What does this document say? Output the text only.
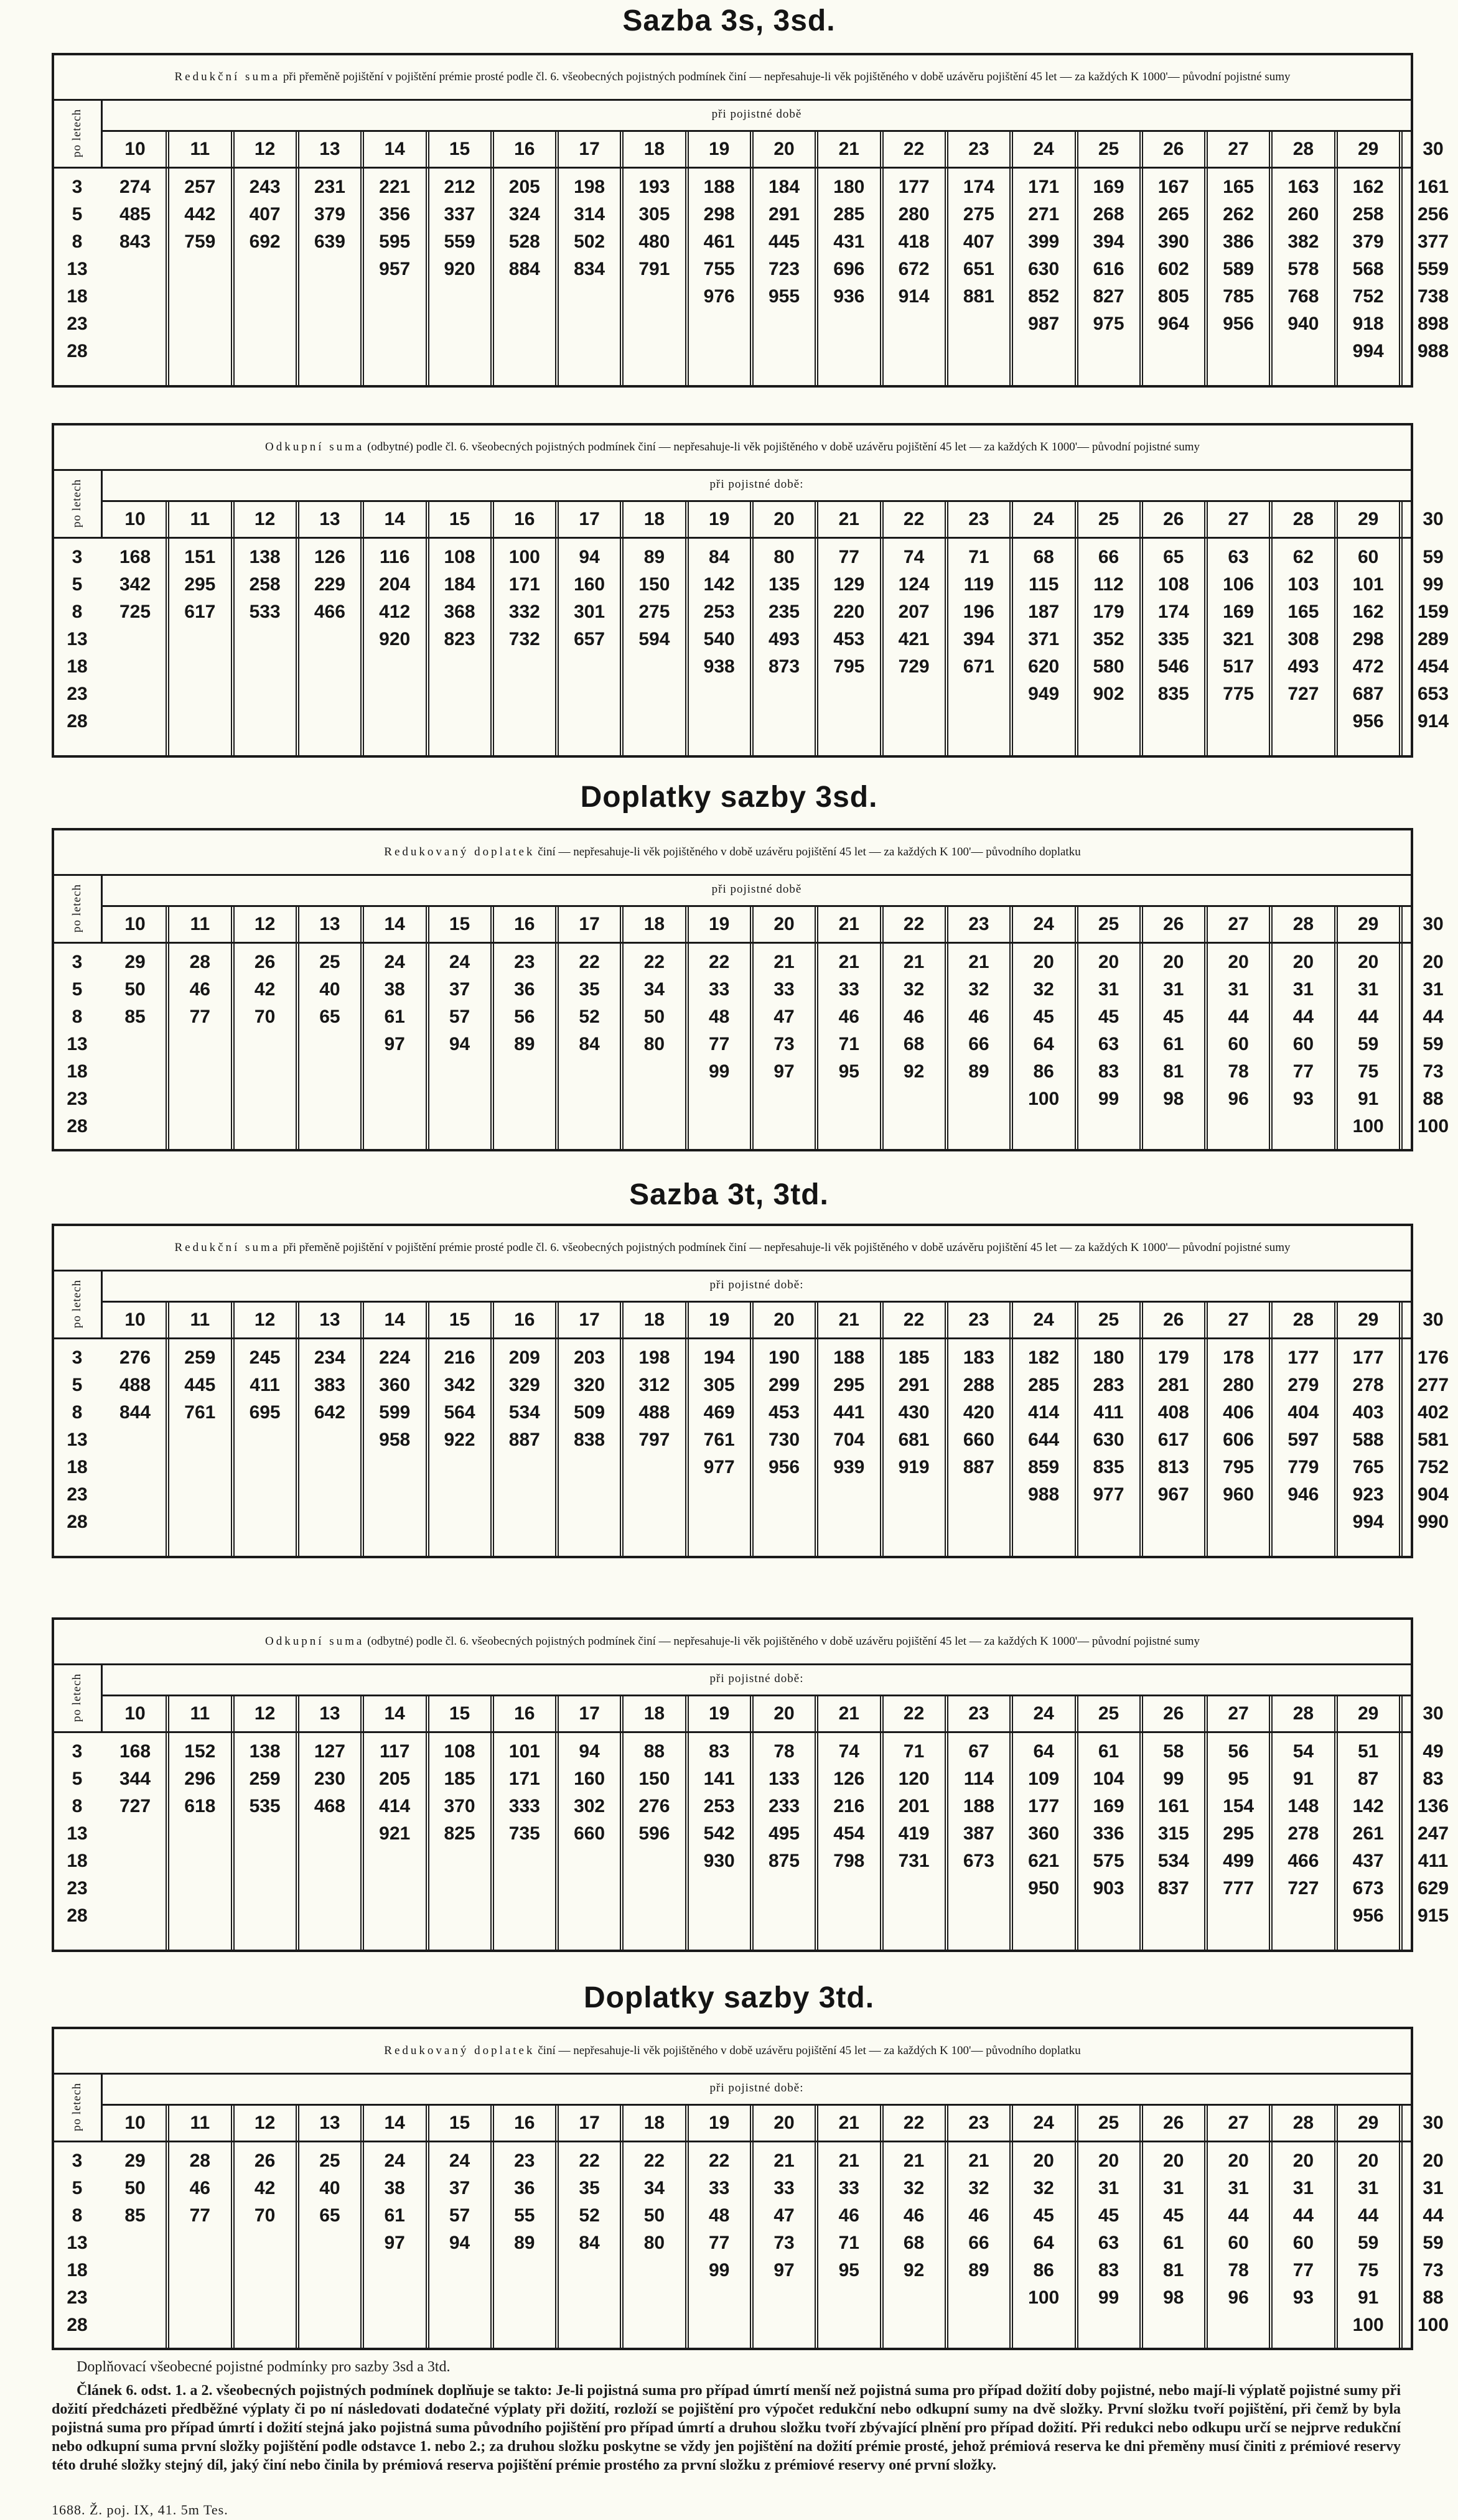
Sazba 3s, 3sd.
Doplatky sazby 3sd.
Sazba 3t, 3td.
Doplatky sazby 3td.
Redukční suma při přeměně pojištění v pojištění prémie prosté podle čl. 6. všeobecných pojistných podmínek činí — nepřesahuje-li věk pojištěného v době uzávěru pojištění 45 let — za každých K 1000'— původní pojistné sumy
po letech	při pojistné době
10	11	12	13	14	15	16	17	18	19	20	21	22	23	24	25	26	27	28	29	30
3	274	257	243	231	221	212	205	198	193	188	184	180	177	174	171	169	167	165	163	162	161
5	485	442	407	379	356	337	324	314	305	298	291	285	280	275	271	268	265	262	260	258	256
8	843	759	692	639	595	559	528	502	480	461	445	431	418	407	399	394	390	386	382	379	377
13	957	920	884	834	791	755	723	696	672	651	630	616	602	589	578	568	559
18	976	955	936	914	881	852	827	805	785	768	752	738
23	987	975	964	956	940	918	898
28	994	988
Odkupní suma (odbytné) podle čl. 6. všeobecných pojistných podmínek činí — nepřesahuje-li věk pojištěného v době uzávěru pojištění 45 let — za každých K 1000'— původní pojistné sumy
po letech	při pojistné době:
10	11	12	13	14	15	16	17	18	19	20	21	22	23	24	25	26	27	28	29	30
3	168	151	138	126	116	108	100	94	89	84	80	77	74	71	68	66	65	63	62	60	59
5	342	295	258	229	204	184	171	160	150	142	135	129	124	119	115	112	108	106	103	101	99
8	725	617	533	466	412	368	332	301	275	253	235	220	207	196	187	179	174	169	165	162	159
13	920	823	732	657	594	540	493	453	421	394	371	352	335	321	308	298	289
18	938	873	795	729	671	620	580	546	517	493	472	454
23	949	902	835	775	727	687	653
28	956	914
Redukovaný doplatek činí — nepřesahuje-li věk pojištěného v době uzávěru pojištění 45 let — za každých K 100'— původního doplatku
po letech	při pojistné době
10	11	12	13	14	15	16	17	18	19	20	21	22	23	24	25	26	27	28	29	30
3	29	28	26	25	24	24	23	22	22	22	21	21	21	21	20	20	20	20	20	20	20
5	50	46	42	40	38	37	36	35	34	33	33	33	32	32	32	31	31	31	31	31	31
8	85	77	70	65	61	57	56	52	50	48	47	46	46	46	45	45	45	44	44	44	44
13	97	94	89	84	80	77	73	71	68	66	64	63	61	60	60	59	59
18	99	97	95	92	89	86	83	81	78	77	75	73
23	100	99	98	96	93	91	88
28	100	100
Redukční suma při přeměně pojištění v pojištění prémie prosté podle čl. 6. všeobecných pojistných podmínek činí — nepřesahuje-li věk pojištěného v době uzávěru pojištění 45 let — za každých K 1000'— původní pojistné sumy
po letech	při pojistné době:
10	11	12	13	14	15	16	17	18	19	20	21	22	23	24	25	26	27	28	29	30
3	276	259	245	234	224	216	209	203	198	194	190	188	185	183	182	180	179	178	177	177	176
5	488	445	411	383	360	342	329	320	312	305	299	295	291	288	285	283	281	280	279	278	277
8	844	761	695	642	599	564	534	509	488	469	453	441	430	420	414	411	408	406	404	403	402
13	958	922	887	838	797	761	730	704	681	660	644	630	617	606	597	588	581
18	977	956	939	919	887	859	835	813	795	779	765	752
23	988	977	967	960	946	923	904
28	994	990
Odkupní suma (odbytné) podle čl. 6. všeobecných pojistných podmínek činí — nepřesahuje-li věk pojištěného v době uzávěru pojištění 45 let — za každých K 1000'— původní pojistné sumy
po letech	při pojistné době:
10	11	12	13	14	15	16	17	18	19	20	21	22	23	24	25	26	27	28	29	30
3	168	152	138	127	117	108	101	94	88	83	78	74	71	67	64	61	58	56	54	51	49
5	344	296	259	230	205	185	171	160	150	141	133	126	120	114	109	104	99	95	91	87	83
8	727	618	535	468	414	370	333	302	276	253	233	216	201	188	177	169	161	154	148	142	136
13	921	825	735	660	596	542	495	454	419	387	360	336	315	295	278	261	247
18	930	875	798	731	673	621	575	534	499	466	437	411
23	950	903	837	777	727	673	629
28	956	915
Redukovaný doplatek činí — nepřesahuje-li věk pojištěného v době uzávěru pojištění 45 let — za každých K 100'— původního doplatku
po letech	při pojistné době:
10	11	12	13	14	15	16	17	18	19	20	21	22	23	24	25	26	27	28	29	30
3	29	28	26	25	24	24	23	22	22	22	21	21	21	21	20	20	20	20	20	20	20
5	50	46	42	40	38	37	36	35	34	33	33	33	32	32	32	31	31	31	31	31	31
8	85	77	70	65	61	57	55	52	50	48	47	46	46	46	45	45	45	44	44	44	44
13	97	94	89	84	80	77	73	71	68	66	64	63	61	60	60	59	59
18	99	97	95	92	89	86	83	81	78	77	75	73
23	100	99	98	96	93	91	88
28	100	100

Doplňovací všeobecné pojistné podmínky pro sazby 3sd a 3td.

Článek 6. odst. 1. a 2. všeobecných pojistných podmínek doplňuje se takto: Je-li pojistná suma pro případ úmrtí menší než pojistná suma pro případ dožití doby pojistné, nebo mají-li výplatě pojistné sumy při dožití předcházeti předběžné výplaty či po ní následovati dodatečné výplaty při dožití, rozloží se pojištění pro výpočet redukční nebo odkupní sumy na dvě složky. První složku tvoří pojištění, při čemž by byla pojistná suma pro případ úmrtí i dožití stejná jako pojistná suma původního pojištění pro případ úmrtí a druhou složku tvoří zbývající plnění pro případ dožití. Při redukci nebo odkupu určí se nejprve redukční nebo odkupní suma první složky pojištění podle odstavce 1. nebo 2.; za druhou složku poskytne se vždy jen pojištění na dožití prémie prosté, jehož prémiová reserva ke dni přeměny musí činiti z prémiové reservy této druhé složky stejný díl, jaký činí nebo činila by prémiová reserva pojištění prémie prostého za první složku z prémiové reservy oné první složky.

1688. Ž. poj. IX, 41. 5m Tes.
